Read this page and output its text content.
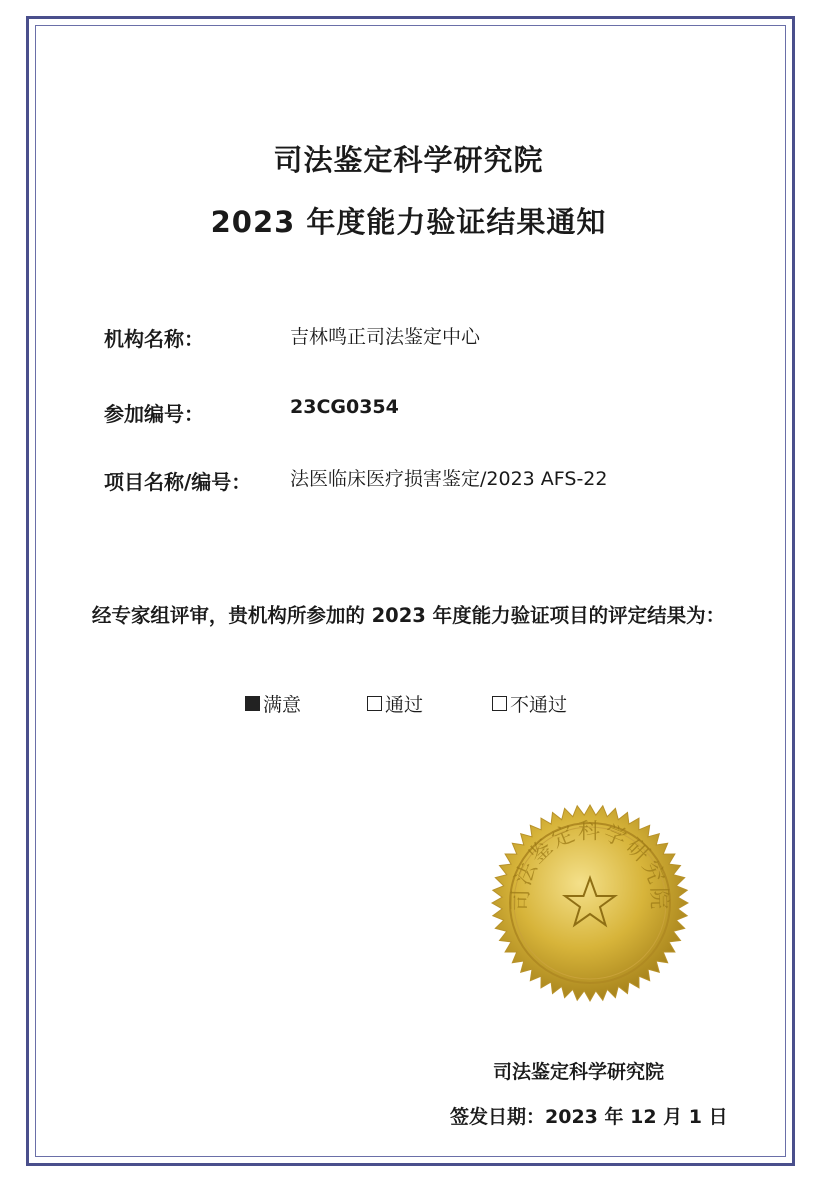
司法鉴定科学研究院
2023 年度能力验证结果通知
机构名称：	吉林鸣正司法鉴定中心
参加编号：	23CG0354
项目名称/编号： 法医临床医疗损害鉴定/2023 AFS-22
经专家组评审，贵机构所参加的 2023 年度能力验证项目的评定结果为：
满意	通过	不通过
司法鉴定科学研究院
司法鉴定科学研究院
签发日期： 2023 年 12 月 1 日
